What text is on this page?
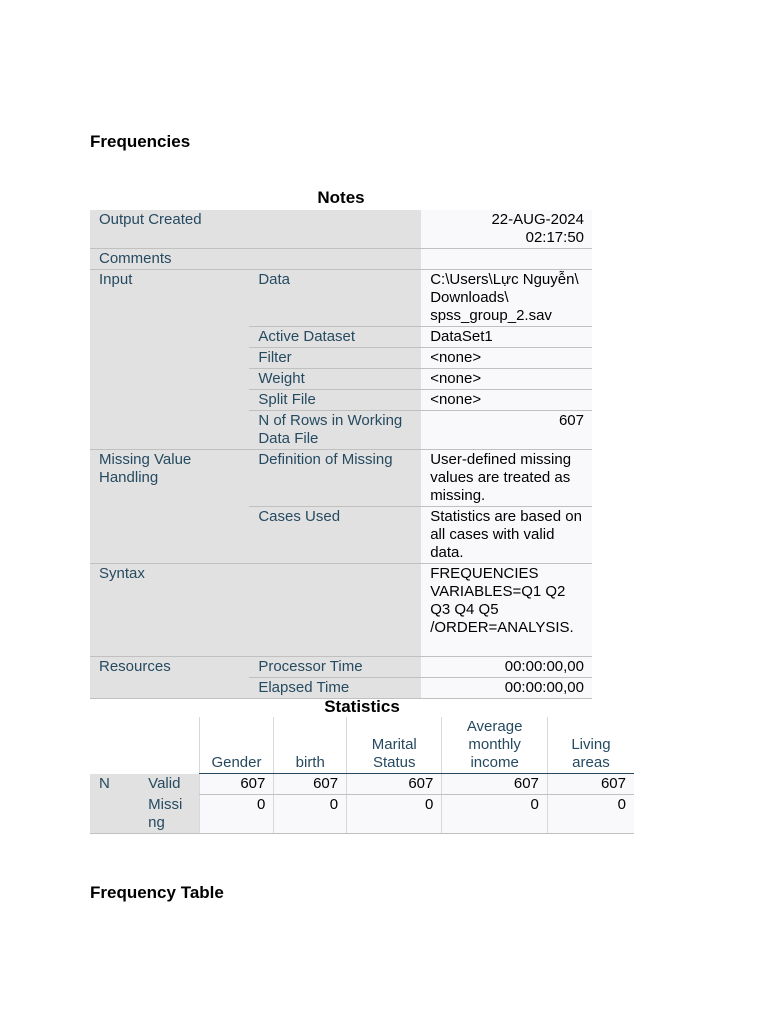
Frequencies
Notes
Output Created		22-AUG-2024 02:17:50
Comments		
Input	Data	C:\Users\Lực Nguyễn\ Downloads\ spss_group_2.sav
	Active Dataset	DataSet1
	Filter	<none>
	Weight	<none>
	Split File	<none>
	N of Rows in Working Data File	607
Missing Value Handling	Definition of Missing	User-defined missing values are treated as missing.
	Cases Used	Statistics are based on all cases with valid data.
Syntax		FREQUENCIES VARIABLES=Q1 Q2 Q3 Q4 Q5 /ORDER=ANALYSIS.
Resources	Processor Time	00:00:00,00
	Elapsed Time	00:00:00,00
Statistics
		Gender	birth	Marital Status	Average monthly income	Living areas
N	Valid	607	607	607	607	607
	Missing	0	0	0	0	0
Frequency Table
